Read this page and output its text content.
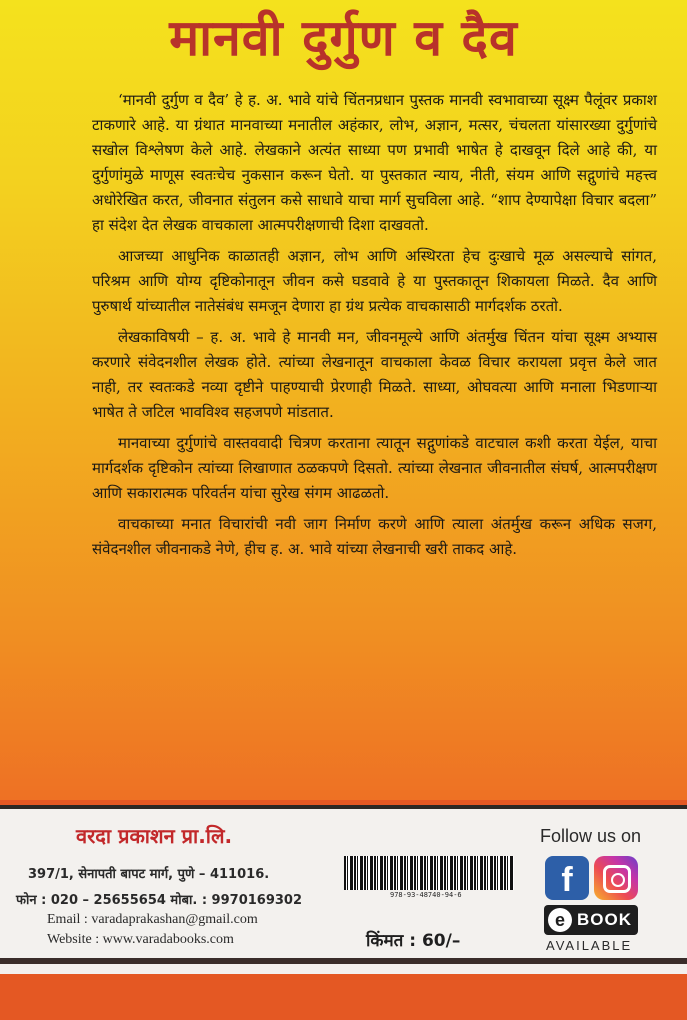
मानवी दुर्गुण व दैव

‘मानवी दुर्गुण व दैव’ हे ह. अ. भावे यांचे चिंतनप्रधान पुस्तक मानवी स्वभावाच्या सूक्ष्म पैलूंवर प्रकाश टाकणारे आहे. या ग्रंथात मानवाच्या मनातील अहंकार, लोभ, अज्ञान, मत्सर, चंचलता यांसारख्या दुर्गुणांचे सखोल विश्लेषण केले आहे. लेखकाने अत्यंत साध्या पण प्रभावी भाषेत हे दाखवून दिले आहे की, या दुर्गुणांमुळे माणूस स्वतःचेच नुकसान करून घेतो. या पुस्तकात न्याय, नीती, संयम आणि सद्गुणांचे महत्त्व अधोरेखित करत, जीवनात संतुलन कसे साधावे याचा मार्ग सुचविला आहे. “शाप देण्यापेक्षा विचार बदला” हा संदेश देत लेखक वाचकाला आत्मपरीक्षणाची दिशा दाखवतो.

आजच्या आधुनिक काळातही अज्ञान, लोभ आणि अस्थिरता हेच दुःखाचे मूळ असल्याचे सांगत, परिश्रम आणि योग्य दृष्टिकोनातून जीवन कसे घडवावे हे या पुस्तकातून शिकायला मिळते. दैव आणि पुरुषार्थ यांच्यातील नातेसंबंध समजून देणारा हा ग्रंथ प्रत्येक वाचकासाठी मार्गदर्शक ठरतो.

लेखकाविषयी – ह. अ. भावे हे मानवी मन, जीवनमूल्ये आणि अंतर्मुख चिंतन यांचा सूक्ष्म अभ्यास करणारे संवेदनशील लेखक होते. त्यांच्या लेखनातून वाचकाला केवळ विचार करायला प्रवृत्त केले जात नाही, तर स्वतःकडे नव्या दृष्टीने पाहण्याची प्रेरणाही मिळते. साध्या, ओघवत्या आणि मनाला भिडणाऱ्या भाषेत ते जटिल भावविश्व सहजपणे मांडतात.

मानवाच्या दुर्गुणांचे वास्तववादी चित्रण करताना त्यातून सद्गुणांकडे वाटचाल कशी करता येईल, याचा मार्गदर्शक दृष्टिकोन त्यांच्या लिखाणात ठळकपणे दिसतो. त्यांच्या लेखनात जीवनातील संघर्ष, आत्मपरीक्षण आणि सकारात्मक परिवर्तन यांचा सुरेख संगम आढळतो.

वाचकाच्या मनात विचारांची नवी जाग निर्माण करणे आणि त्याला अंतर्मुख करून अधिक सजग, संवेदनशील जीवनाकडे नेणे, हीच ह. अ. भावे यांच्या लेखनाची खरी ताकद आहे.

वरदा प्रकाशन प्रा.लि.
397/1, सेनापती बापट मार्ग, पुणे – 411016.
फोन : 020 – 25655654 मोबा. : 9970169302
Email : varadaprakashan@gmail.com
Website : www.varadabooks.com
978-93-48740-94-6
किंमत : 60/–
Follow us on
f
e BOOK
AVAILABLE
